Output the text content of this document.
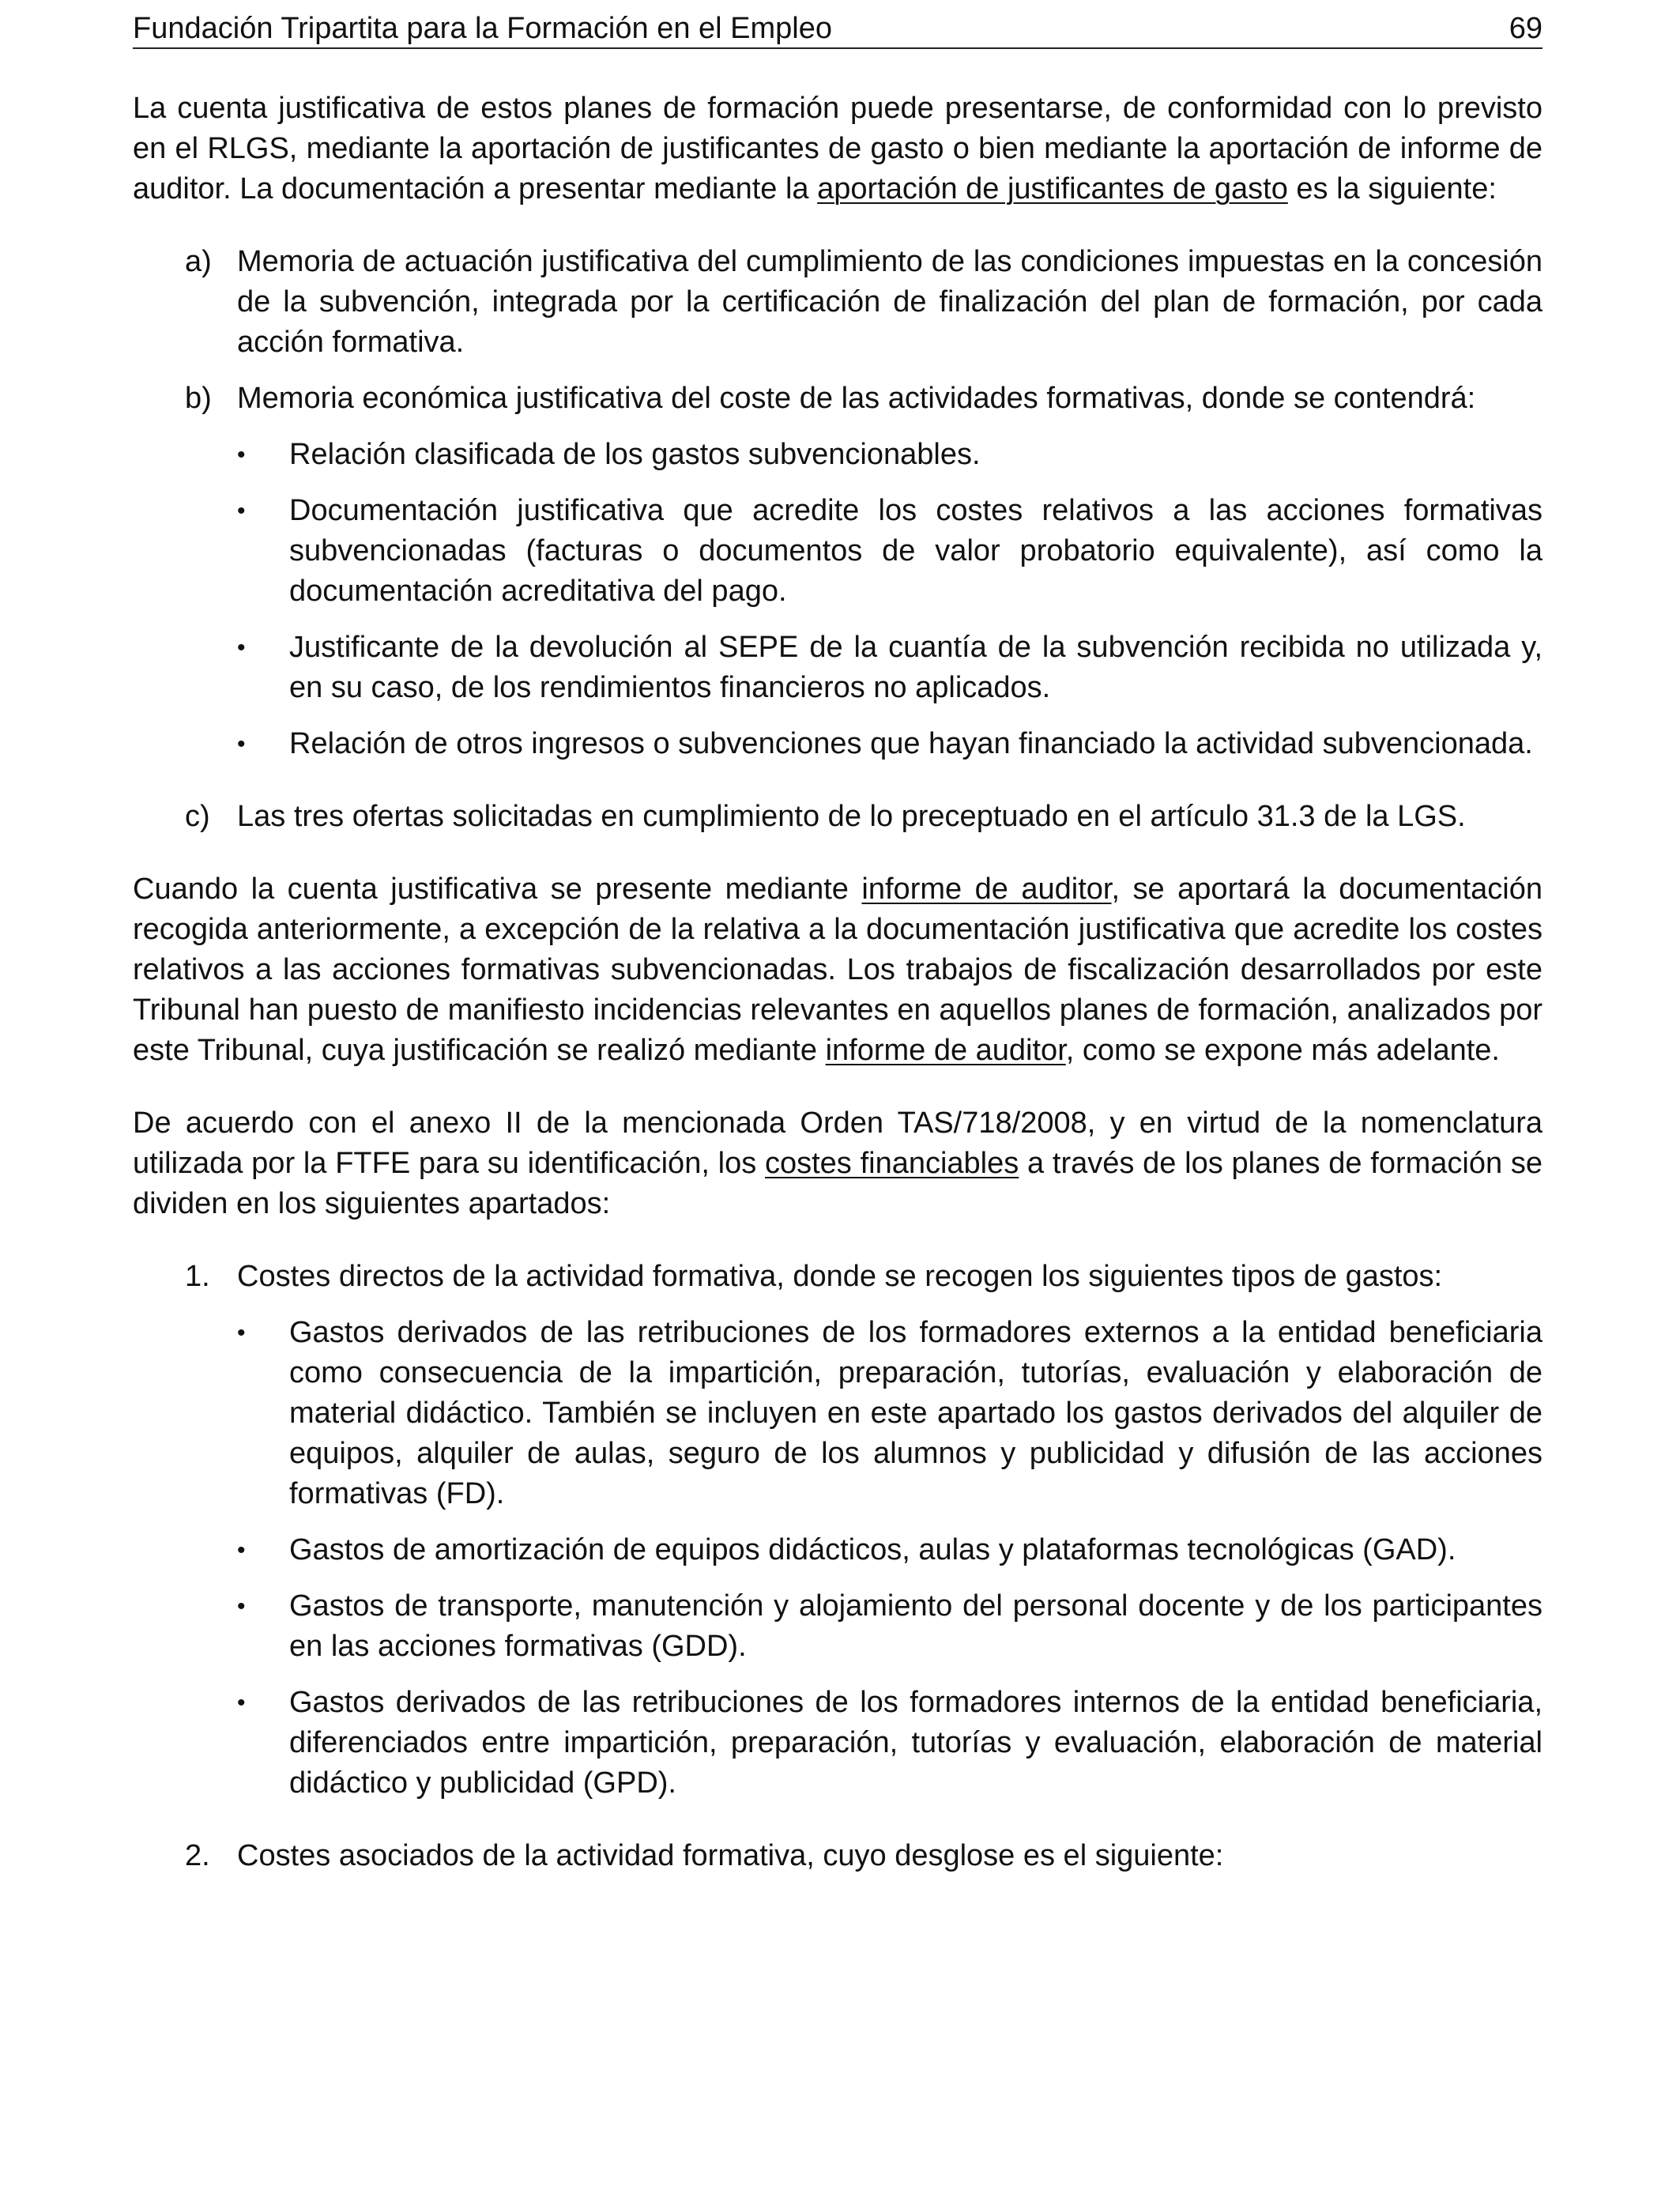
Fundación Tripartita para la Formación en el Empleo	69

La cuenta justificativa de estos planes de formación puede presentarse, de conformidad con lo previsto en el RLGS, mediante la aportación de justificantes de gasto o bien mediante la aportación de informe de auditor. La documentación a presentar mediante la aportación de justificantes de gasto es la siguiente:

a) Memoria de actuación justificativa del cumplimiento de las condiciones impuestas en la concesión de la subvención, integrada por la certificación de finalización del plan de formación, por cada acción formativa.
b) Memoria económica justificativa del coste de las actividades formativas, donde se contendrá:
•	Relación clasificada de los gastos subvencionables.
•	Documentación justificativa que acredite los costes relativos a las acciones formativas subvencionadas (facturas o documentos de valor probatorio equivalente), así como la documentación acreditativa del pago.
•	Justificante de la devolución al SEPE de la cuantía de la subvención recibida no utilizada y, en su caso, de los rendimientos financieros no aplicados.
•	Relación de otros ingresos o subvenciones que hayan financiado la actividad subvencionada.
c) Las tres ofertas solicitadas en cumplimiento de lo preceptuado en el artículo 31.3 de la LGS.

Cuando la cuenta justificativa se presente mediante informe de auditor, se aportará la documentación recogida anteriormente, a excepción de la relativa a la documentación justificativa que acredite los costes relativos a las acciones formativas subvencionadas. Los trabajos de fiscalización desarrollados por este Tribunal han puesto de manifiesto incidencias relevantes en aquellos planes de formación, analizados por este Tribunal, cuya justificación se realizó mediante informe de auditor, como se expone más adelante.

De acuerdo con el anexo II de la mencionada Orden TAS/718/2008, y en virtud de la nomenclatura utilizada por la FTFE para su identificación, los costes financiables a través de los planes de formación se dividen en los siguientes apartados:

1. Costes directos de la actividad formativa, donde se recogen los siguientes tipos de gastos:
•	Gastos derivados de las retribuciones de los formadores externos a la entidad beneficiaria como consecuencia de la impartición, preparación, tutorías, evaluación y elaboración de material didáctico. También se incluyen en este apartado los gastos derivados del alquiler de equipos, alquiler de aulas, seguro de los alumnos y publicidad y difusión de las acciones formativas (FD).
•	Gastos de amortización de equipos didácticos, aulas y plataformas tecnológicas (GAD).
•	Gastos de transporte, manutención y alojamiento del personal docente y de los participantes en las acciones formativas (GDD).
•	Gastos derivados de las retribuciones de los formadores internos de la entidad beneficiaria, diferenciados entre impartición, preparación, tutorías y evaluación, elaboración de material didáctico y publicidad (GPD).
2. Costes asociados de la actividad formativa, cuyo desglose es el siguiente:
